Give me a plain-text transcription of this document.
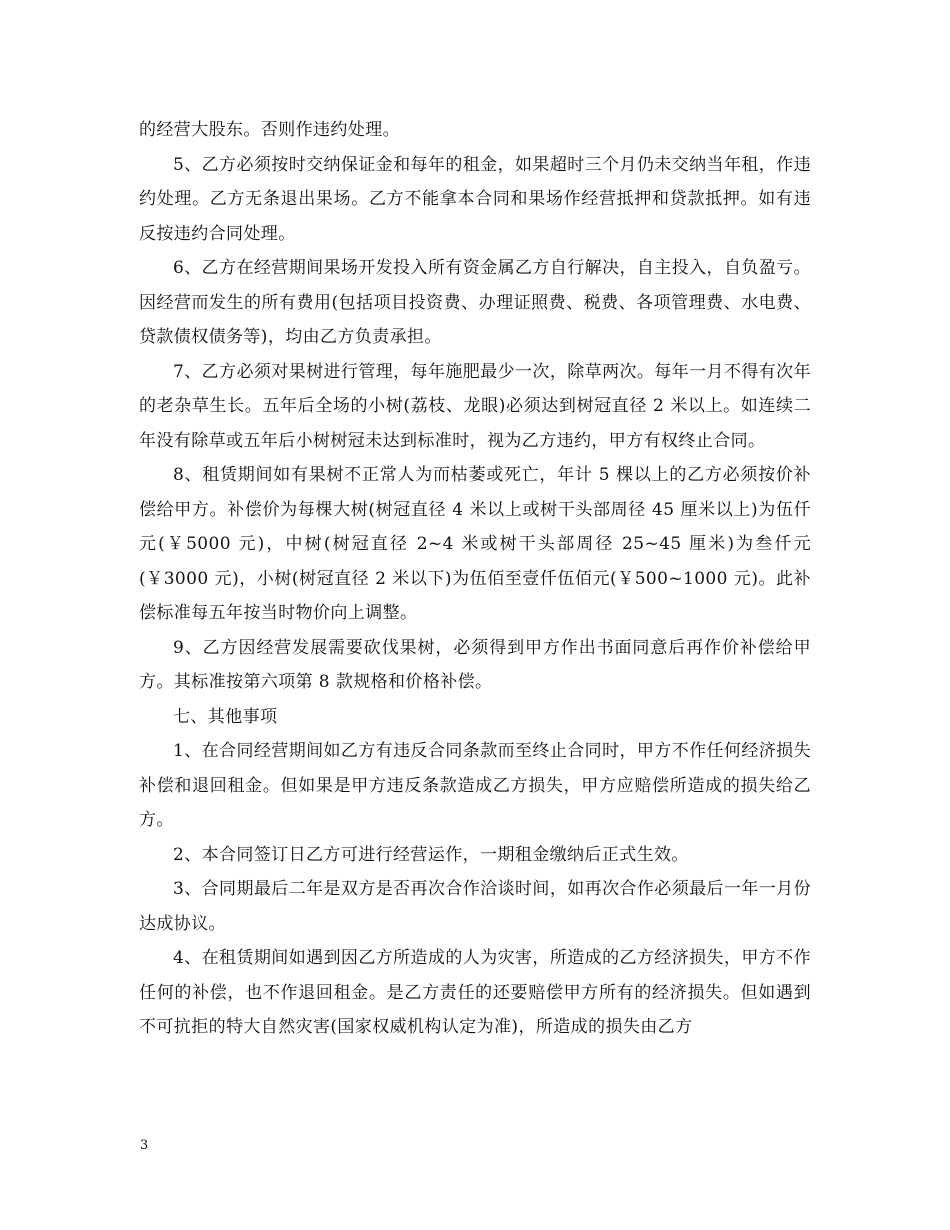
的经营大股东。否则作违约处理。

5、乙方必须按时交纳保证金和每年的租金，如果超时三个月仍未交纳当年租，作违约处理。乙方无条退出果场。乙方不能拿本合同和果场作经营抵押和贷款抵押。如有违反按违约合同处理。

6、乙方在经营期间果场开发投入所有资金属乙方自行解决，自主投入，自负盈亏。因经营而发生的所有费用(包括项目投资费、办理证照费、税费、各项管理费、水电费、贷款债权债务等)，均由乙方负责承担。

7、乙方必须对果树进行管理，每年施肥最少一次，除草两次。每年一月不得有次年的老杂草生长。五年后全场的小树(荔枝、龙眼)必须达到树冠直径 2 米以上。如连续二年没有除草或五年后小树树冠未达到标准时，视为乙方违约，甲方有权终止合同。

8、租赁期间如有果树不正常人为而枯萎或死亡，年计 5 棵以上的乙方必须按价补偿给甲方。补偿价为每棵大树(树冠直径 4 米以上或树干头部周径 45 厘米以上)为伍仟元(￥5000 元)，中树(树冠直径 2~4 米或树干头部周径 25~45 厘米)为叁仟元(￥3000 元)，小树(树冠直径 2 米以下)为伍佰至壹仟伍佰元(￥500~1000 元)。此补偿标准每五年按当时物价向上调整。

9、乙方因经营发展需要砍伐果树，必须得到甲方作出书面同意后再作价补偿给甲方。其标准按第六项第 8 款规格和价格补偿。

七、其他事项

1、在合同经营期间如乙方有违反合同条款而至终止合同时，甲方不作任何经济损失补偿和退回租金。但如果是甲方违反条款造成乙方损失，甲方应赔偿所造成的损失给乙方。

2、本合同签订日乙方可进行经营运作，一期租金缴纳后正式生效。

3、合同期最后二年是双方是否再次合作洽谈时间，如再次合作必须最后一年一月份达成协议。

4、在租赁期间如遇到因乙方所造成的人为灾害，所造成的乙方经济损失，甲方不作任何的补偿，也不作退回租金。是乙方责任的还要赔偿甲方所有的经济损失。但如遇到不可抗拒的特大自然灾害(国家权威机构认定为准)，所造成的损失由乙方

3
